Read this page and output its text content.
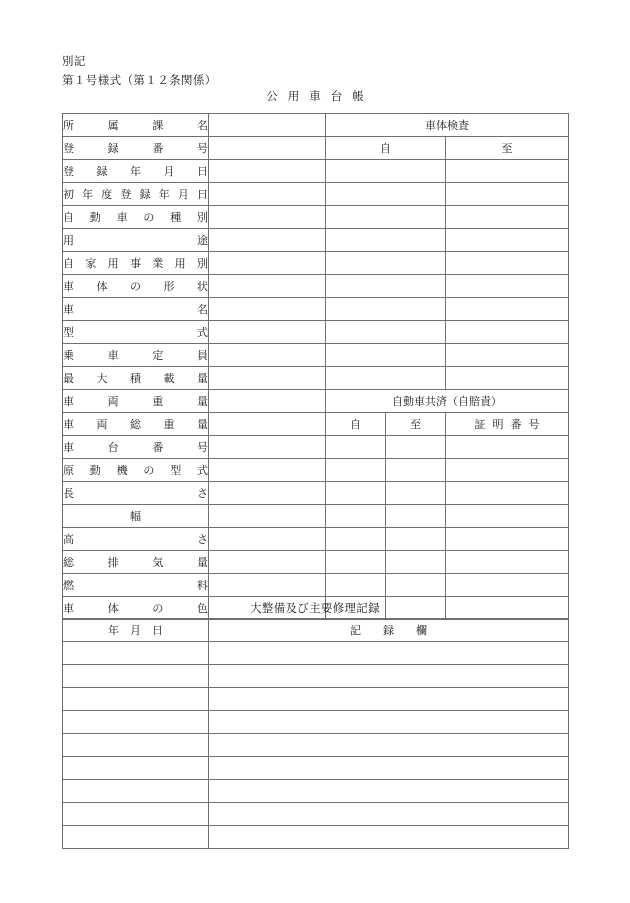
別記
第１号様式（第１２条関係）
公用車台帳
所 属 課 名		車体検査		

登 録 番 号		自		至

登 録 年 月 日				

初 年 度 登 録 年 月 日

自 動 車 の 種 別

用 途				

自 家 用 事 業 用 別

車 体 の 形 状				

車 名				

型 式				

乗 車 定 員				

最 大 積 載 量				

車 両 重 量		自動車共済（自賠責）		

車 両 総 重 量		自	至	証明番号

車 台 番 号				

原 動 機 の 型 式

長 さ				

幅				

高 さ				

総 排 気 量				

燃 料				

車 体 の 色				
					大整備及び主要修理記録
年　月　日	記　　録　　欄
